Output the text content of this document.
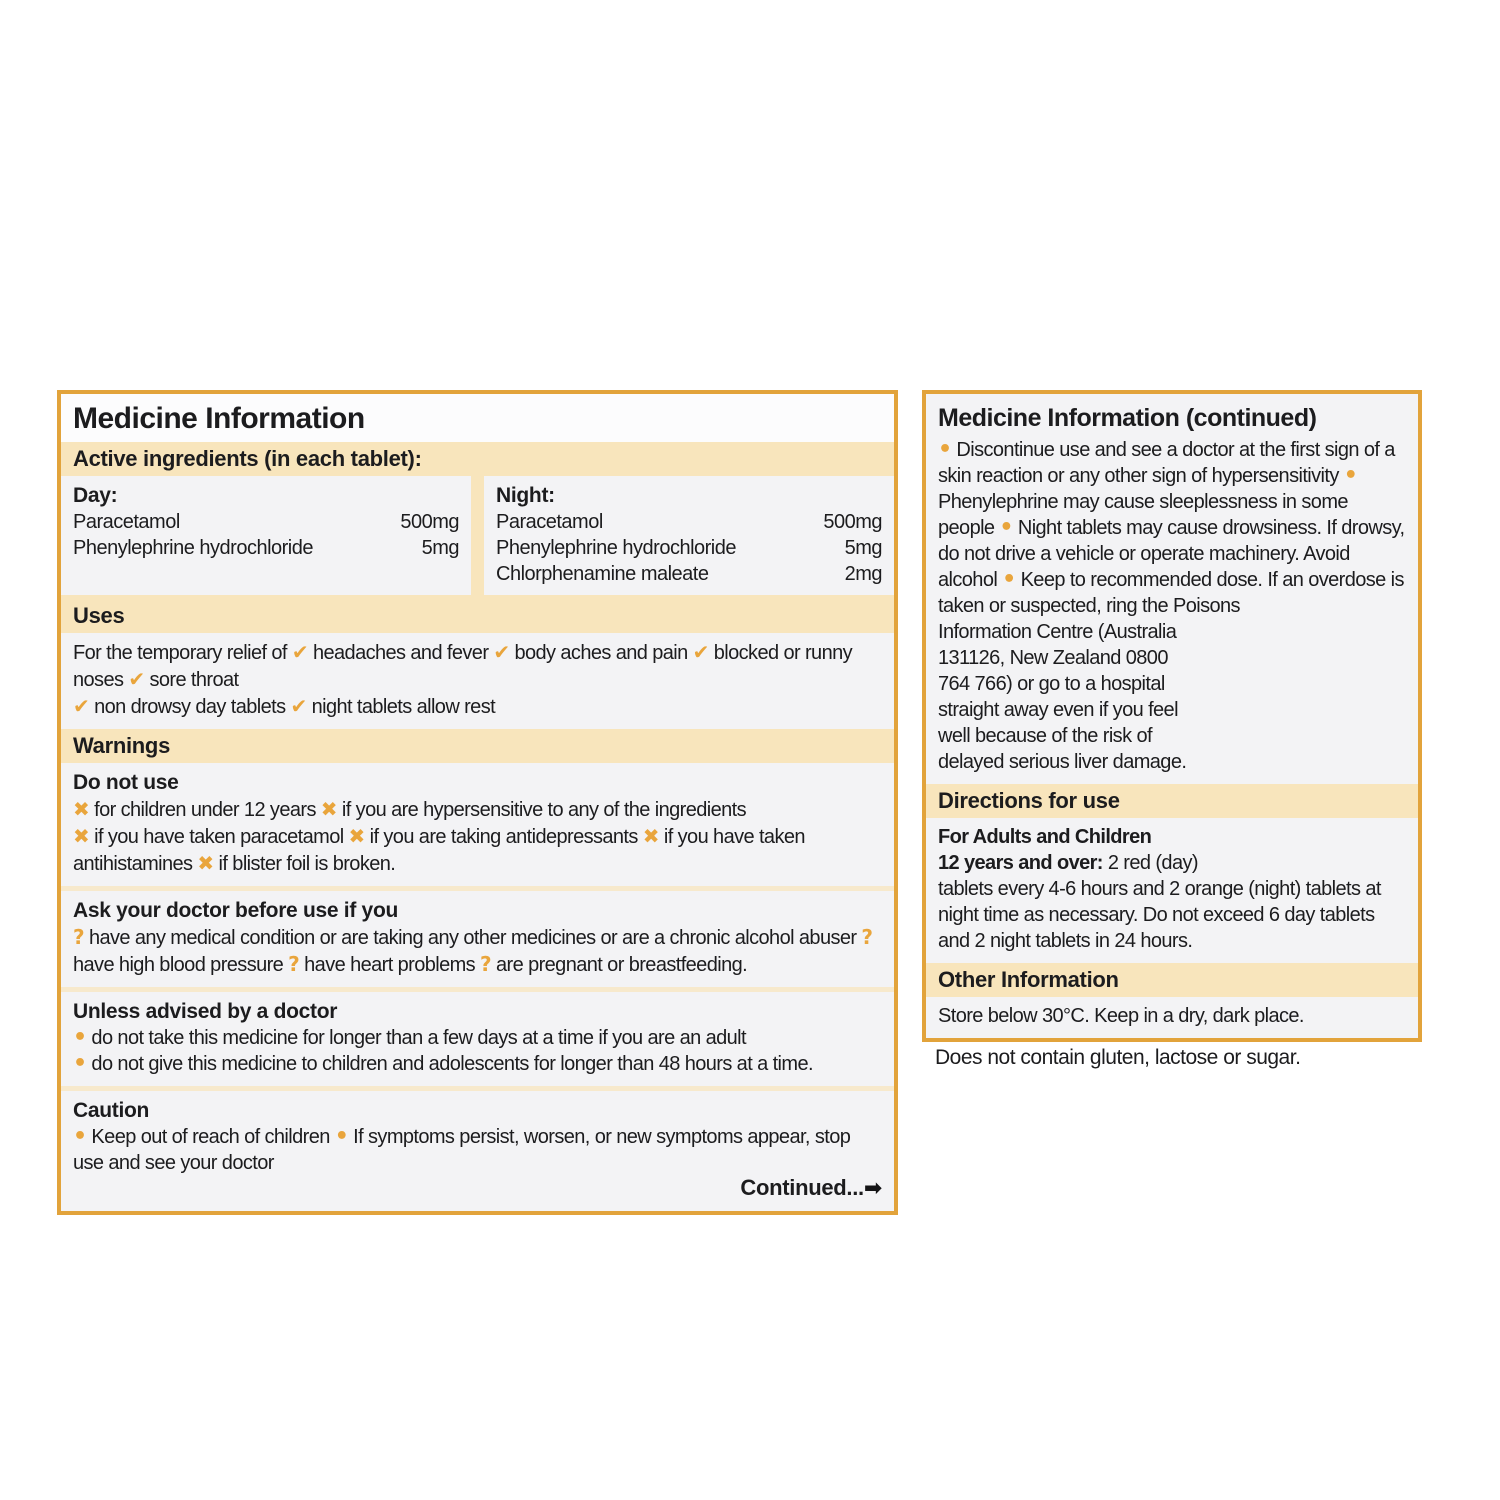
Medicine Information
Active ingredients (in each tablet):
Day:
Paracetamol	500mg
Phenylephrine hydrochloride	5mg
Night:
Paracetamol	500mg
Phenylephrine hydrochloride	5mg
Chlorphenamine maleate	2mg
Uses
For the temporary relief of ✔ headaches and fever ✔ body aches and pain ✔ blocked or runny noses ✔ sore throat
✔ non drowsy day tablets ✔ night tablets allow rest
Warnings
Do not use
✖ for children under 12 years ✖ if you are hypersensitive to any of the ingredients
✖ if you have taken paracetamol ✖ if you are taking antidepressants ✖ if you have taken antihistamines ✖ if blister foil is broken.
Ask your doctor before use if you
? have any medical condition or are taking any other medicines or are a chronic alcohol abuser ? have high blood pressure ? have heart problems ? are pregnant or breastfeeding.
Unless advised by a doctor
• do not take this medicine for longer than a few days at a time if you are an adult
• do not give this medicine to children and adolescents for longer than 48 hours at a time.
Caution
• Keep out of reach of children • If symptoms persist, worsen, or new symptoms appear, stop use and see your doctor
Continued...➡
Medicine Information (continued)
• Discontinue use and see a doctor at the first sign of a skin reaction or any other sign of hypersensitivity • Phenylephrine may cause sleeplessness in some people • Night tablets may cause drowsiness. If drowsy, do not drive a vehicle or operate machinery. Avoid alcohol • Keep to recommended dose. If an overdose is taken or suspected, ring the Poisons
Information Centre (Australia
131126, New Zealand 0800
764 766) or go to a hospital
straight away even if you feel
well because of the risk of
delayed serious liver damage.
Directions for use
For Adults and Children
12 years and over: 2 red (day)
tablets every 4-6 hours and 2 orange (night) tablets at night time as necessary. Do not exceed 6 day tablets and 2 night tablets in 24 hours.
Other Information
Store below 30°C. Keep in a dry, dark place.
Does not contain gluten, lactose or sugar.
